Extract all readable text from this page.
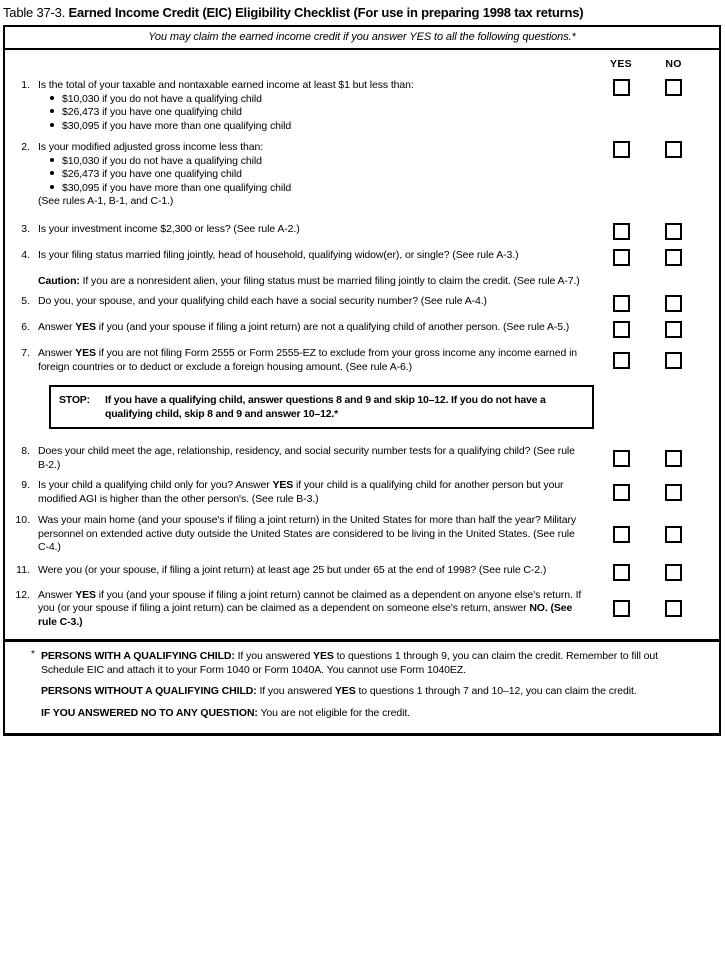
Table 37-3. Earned Income Credit (EIC) Eligibility Checklist (For use in preparing 1998 tax returns)
You may claim the earned income credit if you answer YES to all the following questions.*
YES	NO
1. Is the total of your taxable and nontaxable earned income at least $1 but less than:
$10,030 if you do not have a qualifying child
$26,473 if you have one qualifying child
$30,095 if you have more than one qualifying child
2. Is your modified adjusted gross income less than:
$10,030 if you do not have a qualifying child
$26,473 if you have one qualifying child
$30,095 if you have more than one qualifying child
(See rules A-1, B-1, and C-1.)
3. Is your investment income $2,300 or less? (See rule A-2.)
4. Is your filing status married filing jointly, head of household, qualifying widow(er), or single? (See rule A-3.)
Caution: If you are a nonresident alien, your filing status must be married filing jointly to claim the credit. (See rule A-7.)
5. Do you, your spouse, and your qualifying child each have a social security number? (See rule A-4.)
6. Answer YES if you (and your spouse if filing a joint return) are not a qualifying child of another person. (See rule A-5.)
7. Answer YES if you are not filing Form 2555 or Form 2555-EZ to exclude from your gross income any income earned in foreign countries or to deduct or exclude a foreign housing amount. (See rule A-6.)
STOP:	If you have a qualifying child, answer questions 8 and 9 and skip 10–12. If you do not have a qualifying child, skip 8 and 9 and answer 10–12.*
8. Does your child meet the age, relationship, residency, and social security number tests for a qualifying child? (See rule B-2.)
9. Is your child a qualifying child only for you? Answer YES if your child is a qualifying child for another person but your modified AGI is higher than the other person's. (See rule B-3.)
10. Was your main home (and your spouse's if filing a joint return) in the United States for more than half the year? Military personnel on extended active duty outside the United States are considered to be living in the United States. (See rule C-4.)
11. Were you (or your spouse, if filing a joint return) at least age 25 but under 65 at the end of 1998? (See rule C-2.)
12. Answer YES if you (and your spouse if filing a joint return) cannot be claimed as a dependent on anyone else's return. If you (or your spouse if filing a joint return) can be claimed as a dependent on someone else's return, answer NO. (See rule C-3.)
* PERSONS WITH A QUALIFYING CHILD: If you answered YES to questions 1 through 9, you can claim the credit. Remember to fill out Schedule EIC and attach it to your Form 1040 or Form 1040A. You cannot use Form 1040EZ.
PERSONS WITHOUT A QUALIFYING CHILD: If you answered YES to questions 1 through 7 and 10–12, you can claim the credit.
IF YOU ANSWERED NO TO ANY QUESTION: You are not eligible for the credit.
